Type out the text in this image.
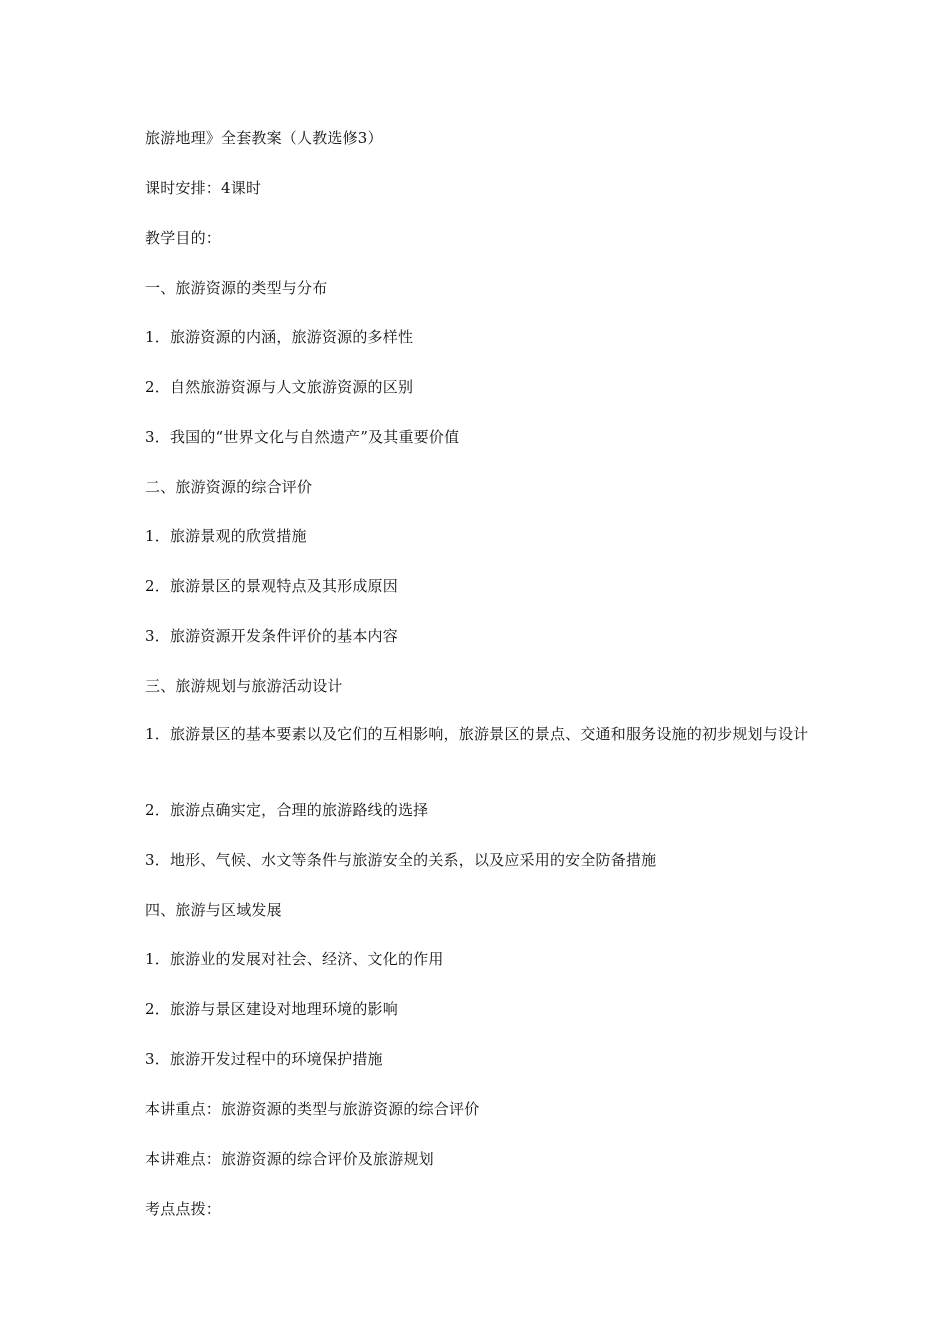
旅游地理》全套教案（人教选修3）
课时安排：4课时
教学目的：
一、旅游资源的类型与分布
1．旅游资源的内涵，旅游资源的多样性
2．自然旅游资源与人文旅游资源的区别
3．我国的“世界文化与自然遗产”及其重要价值
二、旅游资源的综合评价
1．旅游景观的欣赏措施
2．旅游景区的景观特点及其形成原因
3．旅游资源开发条件评价的基本内容
三、旅游规划与旅游活动设计
1．旅游景区的基本要素以及它们的互相影响，旅游景区的景点、交通和服务设施的初步规划与设计
2．旅游点确实定，合理的旅游路线的选择
3．地形、气候、水文等条件与旅游安全的关系，以及应采用的安全防备措施
四、旅游与区域发展
1．旅游业的发展对社会、经济、文化的作用
2．旅游与景区建设对地理环境的影响
3．旅游开发过程中的环境保护措施
本讲重点：旅游资源的类型与旅游资源的综合评价
本讲难点：旅游资源的综合评价及旅游规划
考点点拨：
